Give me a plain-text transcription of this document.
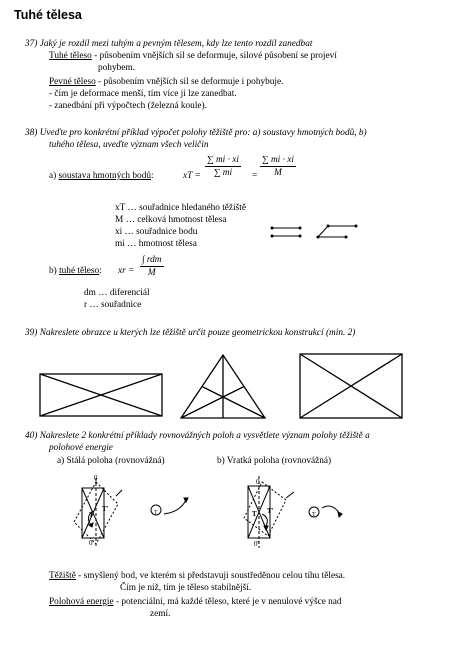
Tuhé tělesa
37) Jaký je rozdíl mezi tuhým a pevným tělesem, kdy lze tento rozdíl zanedbat
Tuhé těleso - působením vnějších sil se deformuje, silové působení se projeví
pohybem.
Pevné těleso - působením vnějších sil se deformuje i pohybuje.
- čím je deformace menší, tím více ji lze zanedbat.
- zanedbání při výpočtech (železná koule).
38) Uveďte pro konkrétní příklad výpočet polohy těžiště pro: a) soustavy hmotných bodů, b)
tuhého tělesa, uveďte význam všech veličin
a) soustava hmotných bodů:	xT = $\frac{\sum mi \cdot xi}{\sum mi} = \frac{\sum mi \cdot xi}{M}$
xT … souřadnice hledaného těžiště
M … celková hmotnost tělesa
xi … souřadnice bodu
mi … hmotnost tělesa
b) tuhé těleso: xr =
∫ rdm
M
dm … diferenciál
r … souřadnice
39) Nakreslete obrazce u kterých lze těžiště určit pouze geometrickou konstrukcí (min. 2)
40) Nakreslete 2 konkrétní příklady rovnovážných poloh a vysvětlete význam polohy těžiště a
polohové energie
a) Stálá poloha (rovnovážná)	b) Vratká poloha (rovnovážná)
0
T
T'
0'
T
0
T T'
0'
T
Těžiště - smyšlený bod, ve kterém si představuji soustředěnou celou tíhu tělesa.
Čím je níž, tím je těleso stabilnější.
Polohová energie - potenciální, má každé těleso, které je v nenulové výšce nad
zemí.
